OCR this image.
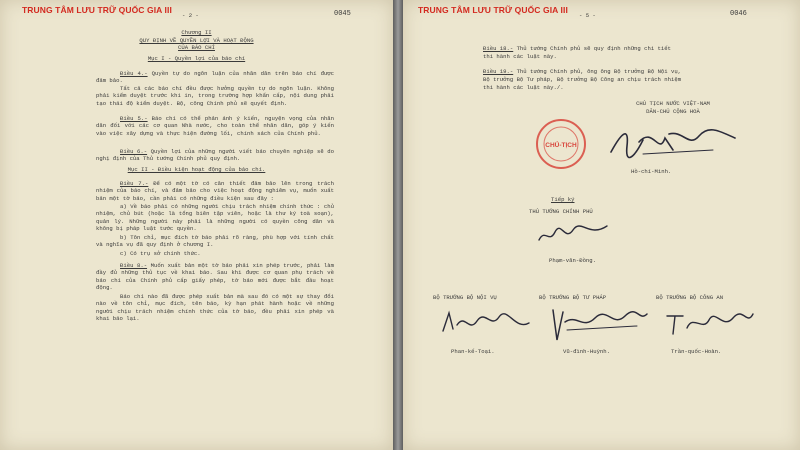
TRUNG TÂM LƯU TRỮ QUỐC GIA III
- 2 -	0045
Chương II
QUY ĐỊNH VỀ QUYỀN LỢI VÀ HOẠT ĐỘNG
CỦA BÁO CHÍ
Mục I - Quyền lợi của báo chí
Điều 4.- Quyền tự do ngôn luận của nhân dân trên báo chí được đảm bảo.
Tất cả các báo chí đều được hưởng quyền tự do ngôn luận. Không phải kiểm duyệt trước khi in, trong trường hợp khẩn cấp, nội dung phải tạo thái độ kiểm duyệt. Bộ, công Chính phủ sẽ quyết định.
Điều 5.- Báo chí có thể phản ánh ý kiến, nguyện vọng của nhân dân đối với các cơ quan Nhà nước, cho toàn thể nhân dân, góp ý kiến vào việc xây dựng và thực hiện đường lối, chính sách của Chính phủ.
Điều 6.- Quyền lợi của những người viết báo chuyên nghiệp sẽ do nghị định của Thủ tướng Chính phủ quy định.
Mục II - Điều kiện hoạt động của báo chí.
Điều 7.- Để có một tờ có căn thiết đảm bảo lên trong trách nhiệm của báo chí, và đảm bảo cho việc hoạt động nghiêm vụ, muốn xuất bản một tờ báo, cần phải có những điều kiện sau đây :
a) Về báo phải có những người chịu trách nhiệm chính thức : chủ nhiệm, chủ bút (hoặc là tổng biên tập viên, hoặc là thư ký toà soạn), quản lý. Những người này phải là những người có quyền công dân và không bị pháp luật tước quyền.
b) Tôn chỉ, mục đích tờ báo phải rõ ràng, phù hợp với tính chất và nghĩa vụ đã quy định ở chương I.
c) Có trụ sở chính thức.
Điều 8.- Muốn xuất bản một tờ báo phải xin phép trước, phải làm đầy đủ những thủ tục về khai báo. Sau khi được cơ quan phụ trách về báo chí của Chính phủ cấp giấy phép, tờ báo mới được bắt đầu hoạt động.
Báo chí nào đã được phép xuất bản mà sau đó có một sự thay đổi nào về tôn chỉ, mục đích, tên báo, kỳ hạn phát hành hoặc về những người chịu trách nhiệm chính thức của tờ báo, đều phải xin phép và khai báo lại.
TRUNG TÂM LƯU TRỮ QUỐC GIA III
- 5 -	0046
Điều 18.- Thủ tướng Chính phủ sẽ quy định những chi tiết
thi hành các luật này.
Điều 19.- Thủ tướng Chính phủ, ông ông Bộ trưởng Bộ Nội vụ,
Bộ trưởng Bộ Tư pháp, Bộ trưởng Bộ Công an chịu trách nhiệm
thi hành các luật này./.
CHỦ TỊCH NƯỚC VIỆT-NAM
DÂN-CHỦ CỘNG HOÀ
CHỦ-TỊCH
Hồ-chí-Minh.
Tiếp ký
THỦ TƯỚNG CHÍNH PHỦ
Phạm-văn-Đồng.
BỘ TRƯỞNG BỘ NỘI VỤ	BỘ TRƯỞNG BỘ TƯ PHÁP	BỘ TRƯỞNG BỘ CÔNG AN
Phan-kế-Toại.	Vũ-đình-Huỳnh.	Trần-quốc-Hoàn.
